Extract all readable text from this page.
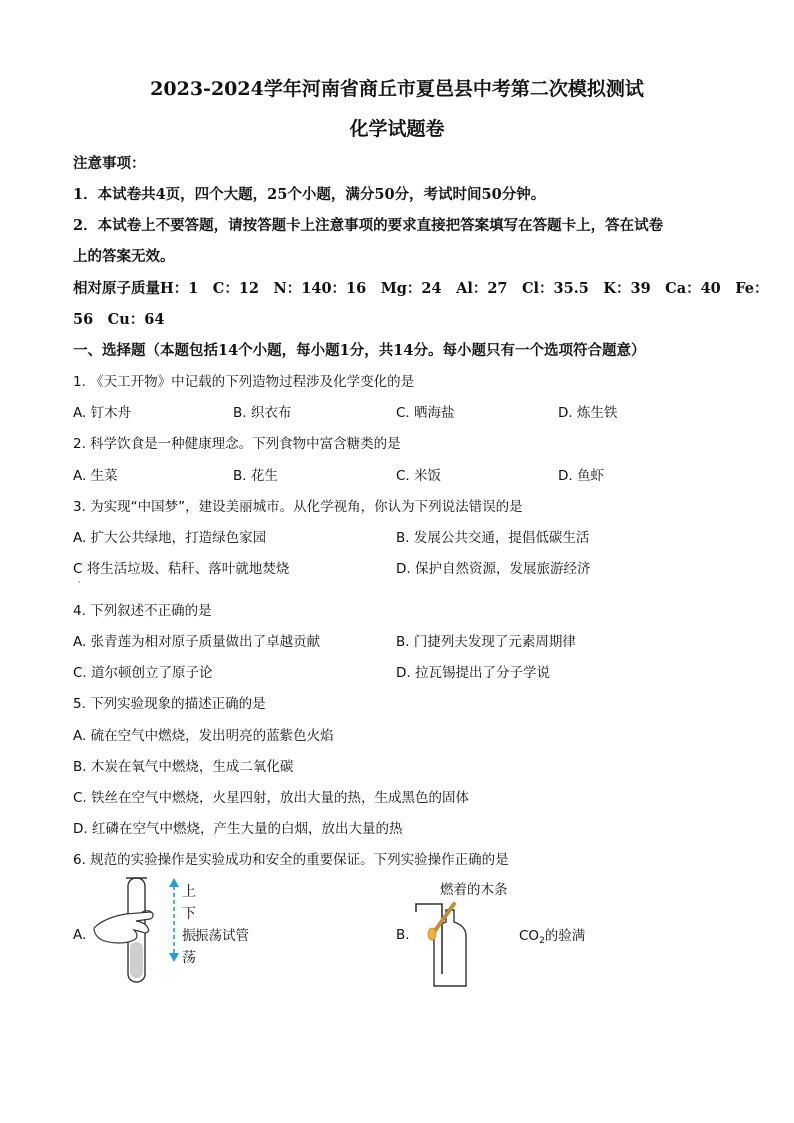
2023-2024学年河南省商丘市夏邑县中考第二次模拟测试
化学试题卷
注意事项：
1．本试卷共4页，四个大题，25个小题，满分50分，考试时间50分钟。
2．本试卷上不要答题，请按答题卡上注意事项的要求直接把答案填写在答题卡上，答在试卷
上的答案无效。
相对原子质量H：1　C：12　N：140：16　Mg：24　Al：27　Cl：35.5　K：39　Ca：40　Fe：
56　Cu：64
一、选择题（本题包括14个小题，每小题1分，共14分。每小题只有一个选项符合题意）
1. 《天工开物》中记载的下列造物过程涉及化学变化的是
A. 钉木舟	B. 织衣布	C. 晒海盐	D. 炼生铁
2. 科学饮食是一种健康理念。下列食物中富含糖类的是
A. 生菜	B. 花生	C. 米饭	D. 鱼虾
3. 为实现“中国梦”，建设美丽城市。从化学视角，你认为下列说法错误的是
A. 扩大公共绿地，打造绿色家园	B. 发展公共交通，提倡低碳生活
C 将生活垃圾、秸秆、落叶就地焚烧
·
D. 保护自然资源，发展旅游经济
4. 下列叙述不正确的是
A. 张青莲为相对原子质量做出了卓越贡献	B. 门捷列夫发现了元素周期律
C. 道尔顿创立了原子论	D. 拉瓦锡提出了分子学说
5. 下列实验现象的描述正确的是
A. 硫在空气中燃烧，发出明亮的蓝紫色火焰
B. 木炭在氧气中燃烧，生成二氧化碳
C. 铁丝在空气中燃烧，火星四射，放出大量的热，生成黑色的固体
D. 红磷在空气中燃烧，产生大量的白烟，放出大量的热
6. 规范的实验操作是实验成功和安全的重要保证。下列实验操作正确的是
A.	B.
上
下
振 振荡试管
荡
燃着的木条
$CO_2$的验满
